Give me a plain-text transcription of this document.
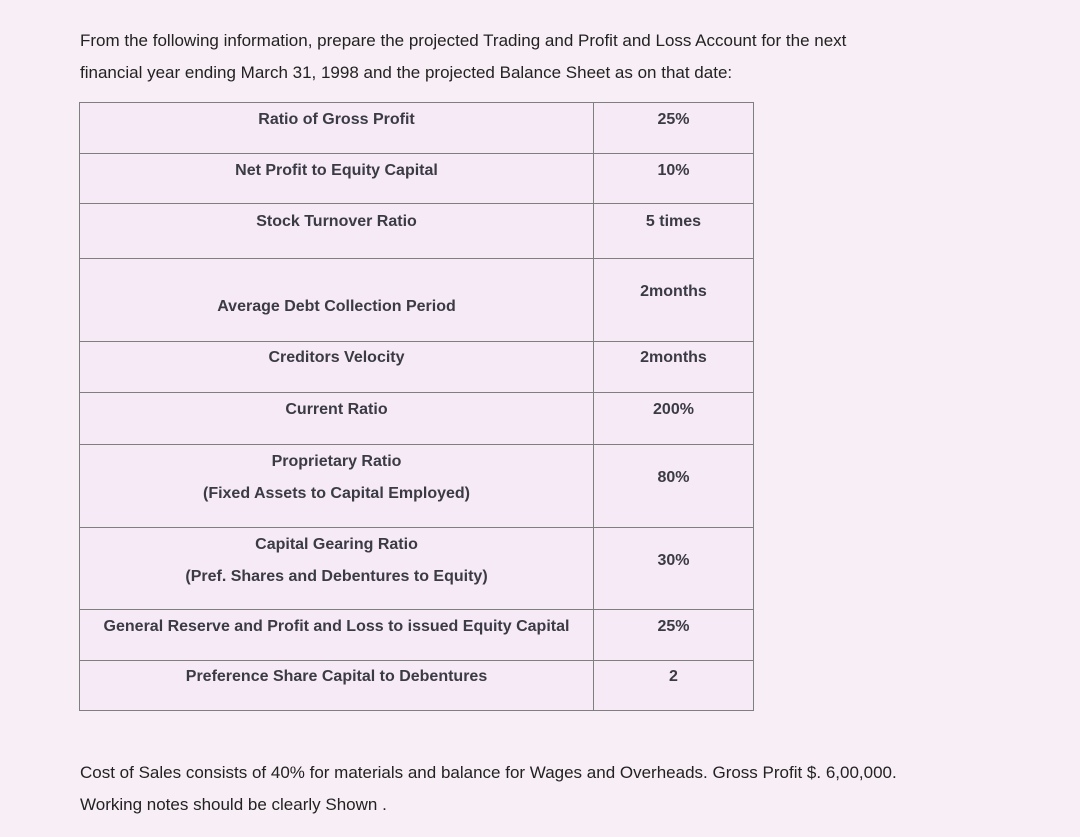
From the following information, prepare the projected Trading and Profit and Loss Account for the next
financial year ending March 31, 1998 and the projected Balance Sheet as on that date:
Ratio of Gross Profit	25%

Net Profit to Equity Capital	10%

Stock Turnover Ratio	5 times

Average Debt Collection Period	2months

Creditors Velocity	2months

Current Ratio	200%

Proprietary Ratio
(Fixed Assets to Capital Employed)	80%

Capital Gearing Ratio
(Pref. Shares and Debentures to Equity)	30%

General Reserve and Profit and Loss to issued Equity Capital	25%

Preference Share Capital to Debentures	2
Cost of Sales consists of 40% for materials and balance for Wages and Overheads. Gross Profit $. 6,00,000.
Working notes should be clearly Shown .
